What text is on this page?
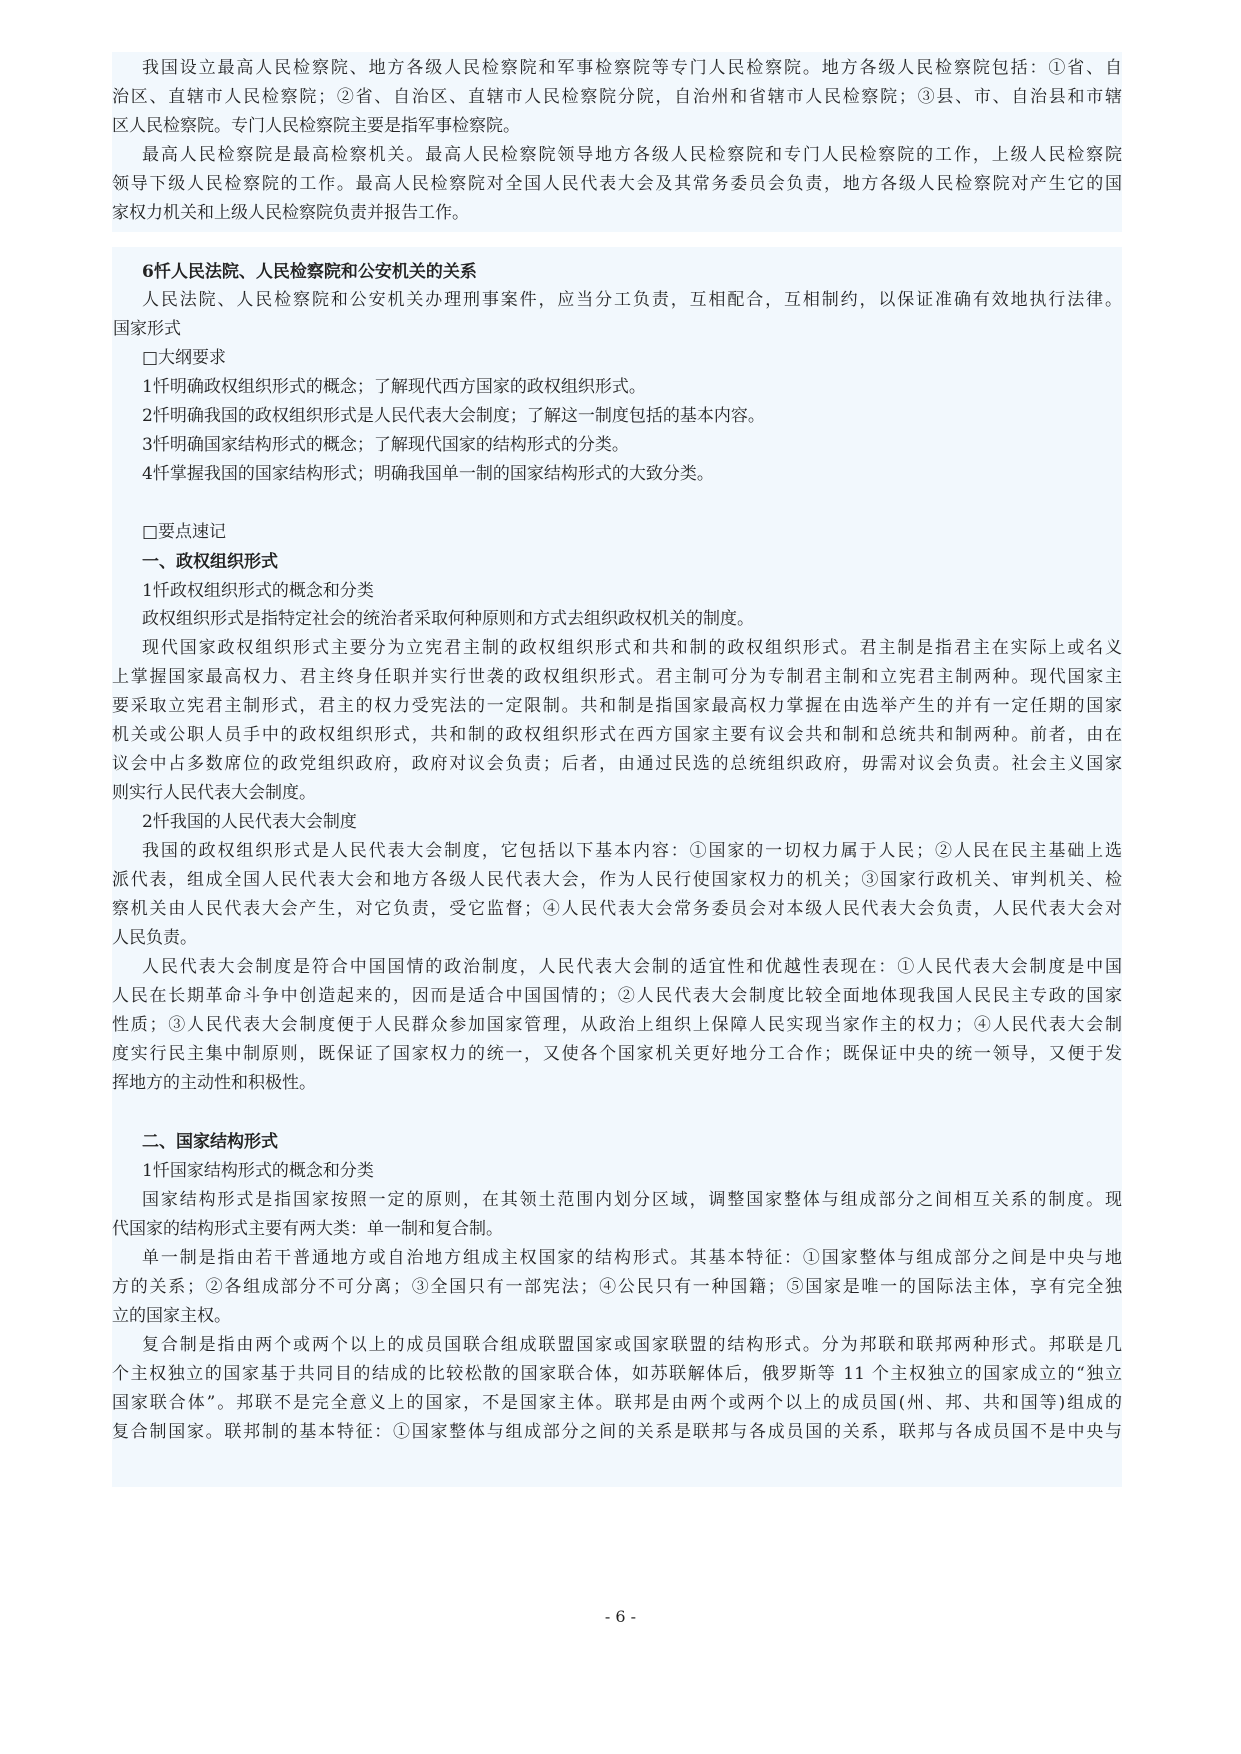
我国设立最高人民检察院、地方各级人民检察院和军事检察院等专门人民检察院。地方各级人民检察院包括：①省、自
治区、直辖市人民检察院；②省、自治区、直辖市人民检察院分院，自治州和省辖市人民检察院；③县、市、自治县和市辖
区人民检察院。专门人民检察院主要是指军事检察院。
最高人民检察院是最高检察机关。最高人民检察院领导地方各级人民检察院和专门人民检察院的工作，上级人民检察院
领导下级人民检察院的工作。最高人民检察院对全国人民代表大会及其常务委员会负责，地方各级人民检察院对产生它的国
家权力机关和上级人民检察院负责并报告工作。
6忏人民法院、人民检察院和公安机关的关系
人民法院、人民检察院和公安机关办理刑事案件，应当分工负责，互相配合，互相制约，以保证准确有效地执行法律。
国家形式
□大纲要求
1忏明确政权组织形式的概念；了解现代西方国家的政权组织形式。
2忏明确我国的政权组织形式是人民代表大会制度；了解这一制度包括的基本内容。
3忏明确国家结构形式的概念；了解现代国家的结构形式的分类。
4忏掌握我国的国家结构形式；明确我国单一制的国家结构形式的大致分类。
□要点速记
一、政权组织形式
1忏政权组织形式的概念和分类
政权组织形式是指特定社会的统治者采取何种原则和方式去组织政权机关的制度。
现代国家政权组织形式主要分为立宪君主制的政权组织形式和共和制的政权组织形式。君主制是指君主在实际上或名义
上掌握国家最高权力、君主终身任职并实行世袭的政权组织形式。君主制可分为专制君主制和立宪君主制两种。现代国家主
要采取立宪君主制形式，君主的权力受宪法的一定限制。共和制是指国家最高权力掌握在由选举产生的并有一定任期的国家
机关或公职人员手中的政权组织形式，共和制的政权组织形式在西方国家主要有议会共和制和总统共和制两种。前者，由在
议会中占多数席位的政党组织政府，政府对议会负责；后者，由通过民选的总统组织政府，毋需对议会负责。社会主义国家
则实行人民代表大会制度。
2忏我国的人民代表大会制度
我国的政权组织形式是人民代表大会制度，它包括以下基本内容：①国家的一切权力属于人民；②人民在民主基础上选
派代表，组成全国人民代表大会和地方各级人民代表大会，作为人民行使国家权力的机关；③国家行政机关、审判机关、检
察机关由人民代表大会产生，对它负责，受它监督；④人民代表大会常务委员会对本级人民代表大会负责，人民代表大会对
人民负责。
人民代表大会制度是符合中国国情的政治制度，人民代表大会制的适宜性和优越性表现在：①人民代表大会制度是中国
人民在长期革命斗争中创造起来的，因而是适合中国国情的；②人民代表大会制度比较全面地体现我国人民民主专政的国家
性质；③人民代表大会制度便于人民群众参加国家管理，从政治上组织上保障人民实现当家作主的权力；④人民代表大会制
度实行民主集中制原则，既保证了国家权力的统一，又使各个国家机关更好地分工合作；既保证中央的统一领导，又便于发
挥地方的主动性和积极性。
二、国家结构形式
1忏国家结构形式的概念和分类
国家结构形式是指国家按照一定的原则，在其领土范围内划分区域，调整国家整体与组成部分之间相互关系的制度。现
代国家的结构形式主要有两大类：单一制和复合制。
单一制是指由若干普通地方或自治地方组成主权国家的结构形式。其基本特征：①国家整体与组成部分之间是中央与地
方的关系；②各组成部分不可分离；③全国只有一部宪法；④公民只有一种国籍；⑤国家是唯一的国际法主体，享有完全独
立的国家主权。
复合制是指由两个或两个以上的成员国联合组成联盟国家或国家联盟的结构形式。分为邦联和联邦两种形式。邦联是几
个主权独立的国家基于共同目的结成的比较松散的国家联合体，如苏联解体后，俄罗斯等 11 个主权独立的国家成立的“独立
国家联合体”。邦联不是完全意义上的国家，不是国家主体。联邦是由两个或两个以上的成员国(州、邦、共和国等)组成的
复合制国家。联邦制的基本特征：①国家整体与组成部分之间的关系是联邦与各成员国的关系，联邦与各成员国不是中央与
- 6 -
